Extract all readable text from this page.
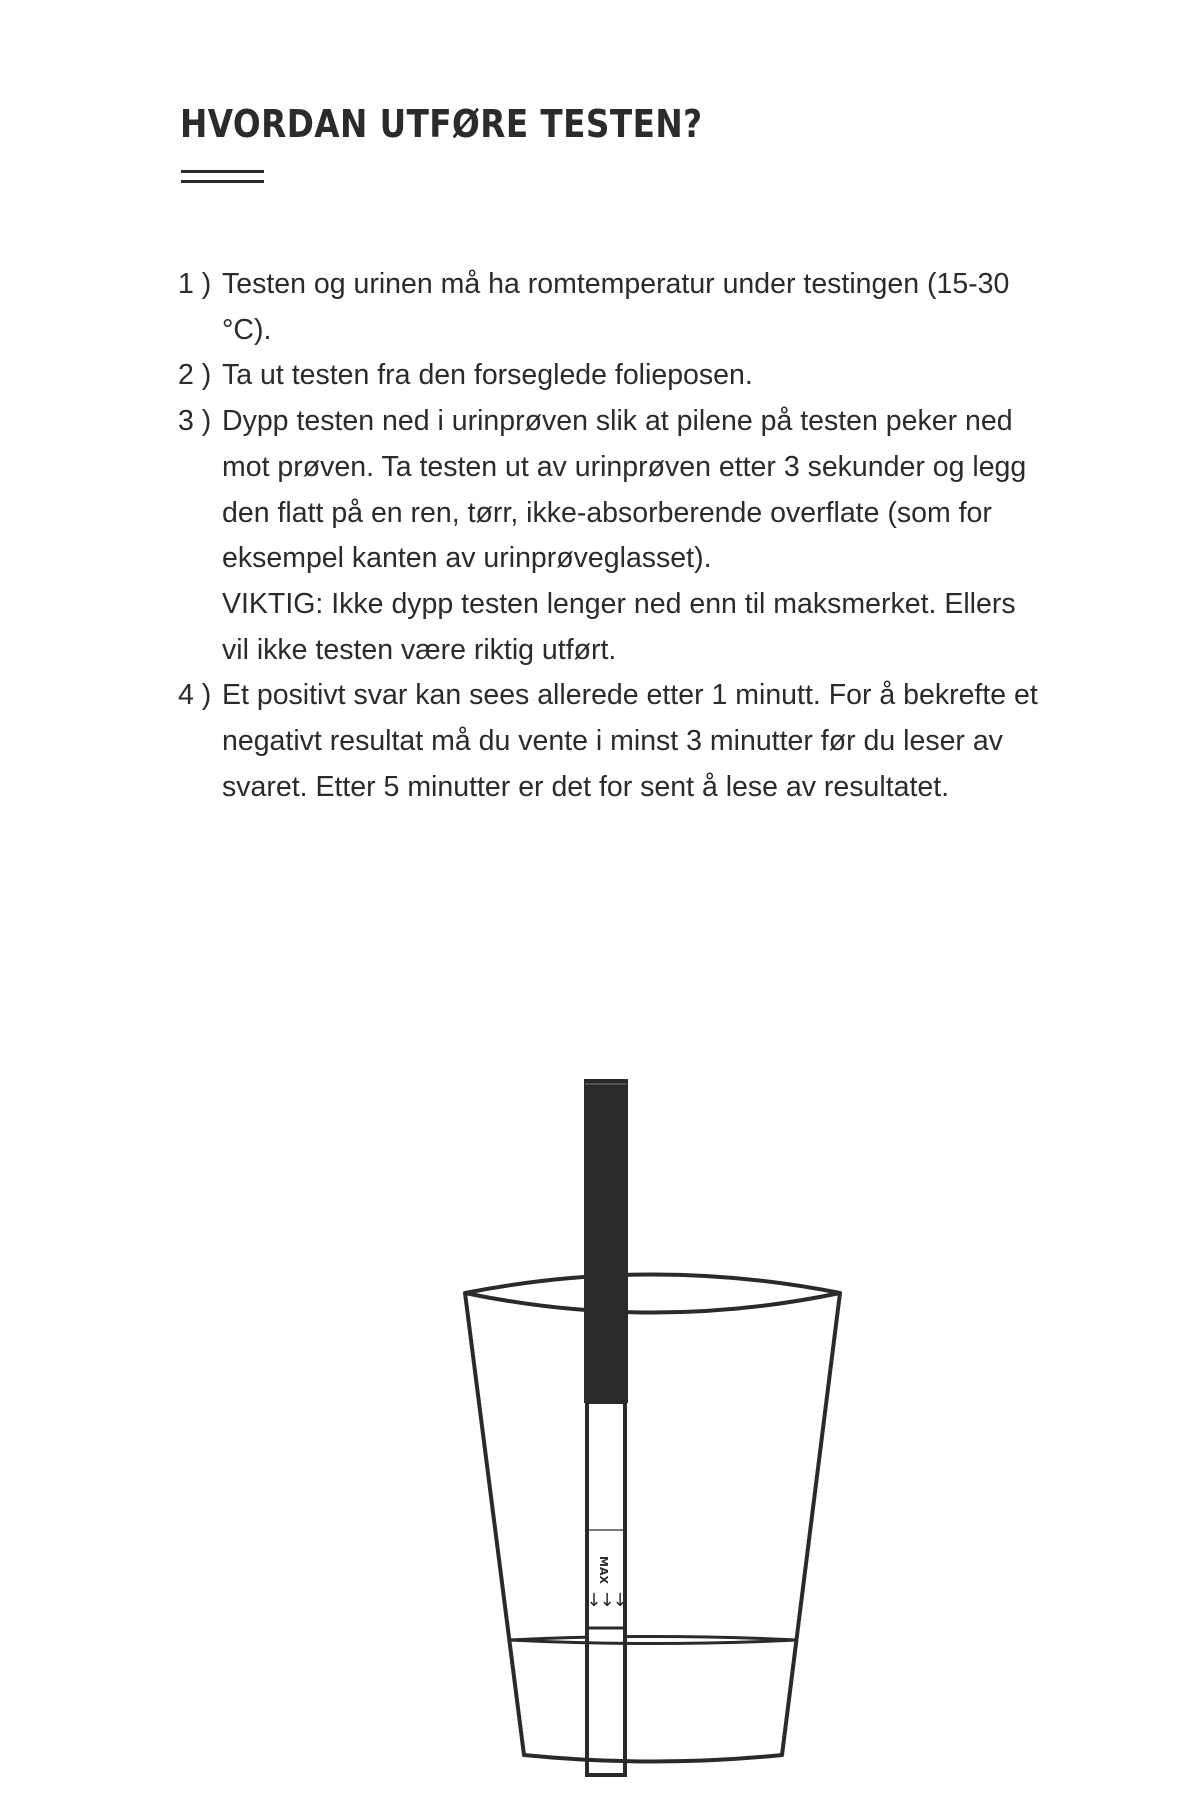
HVORDAN UTFØRE TESTEN?
1 ) Testen og urinen må ha romtemperatur under testingen (15-30 °C).
2 ) Ta ut testen fra den forseglede folieposen.
3 ) Dypp testen ned i urinprøven slik at pilene på testen peker ned mot prøven. Ta testen ut av urinprøven etter 3 sekunder og legg den flatt på en ren, tørr, ikke-absorberende overflate (som for eksempel kanten av urinprøveglasset).
VIKTIG: Ikke dypp testen lenger ned enn til maksmerket. Ellers vil ikke testen være riktig utført.
4 ) Et positivt svar kan sees allerede etter 1 minutt. For å bekrefte et negativt resultat må du vente i minst 3 minutter før du leser av svaret. Etter 5 minutter er det for sent å lese av resultatet.
MAX
↓↓↓
